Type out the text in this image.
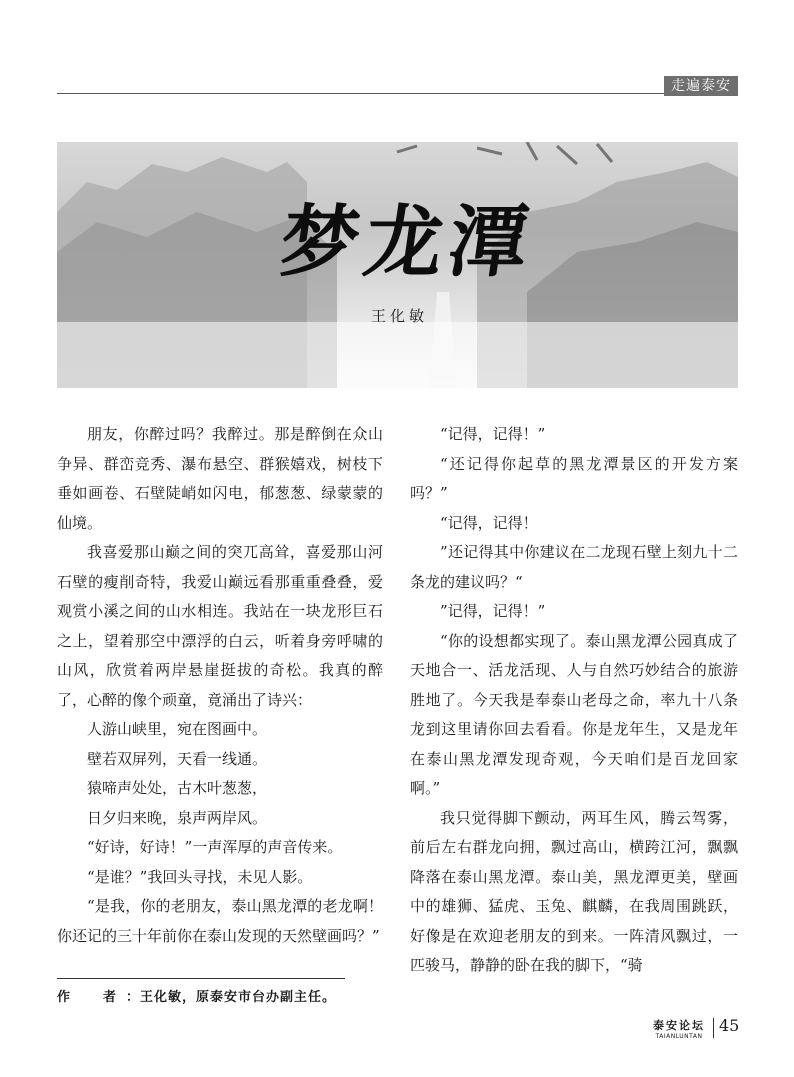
走遍泰安
梦龙潭
王化敏

朋友，你醉过吗？我醉过。那是醉倒在众山争异、群峦竞秀、瀑布悬空、群猴嬉戏，树枝下垂如画卷、石壁陡峭如闪电，郁葱葱、绿蒙蒙的仙境。

我喜爱那山巅之间的突兀高耸，喜爱那山河石壁的瘦削奇特，我爱山巅远看那重重叠叠，爱观赏小溪之间的山水相连。我站在一块龙形巨石之上，望着那空中漂浮的白云，听着身旁呼啸的山风，欣赏着两岸悬崖挺拔的奇松。我真的醉了，心醉的像个顽童，竟涌出了诗兴：

人游山峡里，宛在图画中。

壁若双屏列，天看一线通。

猿啼声处处，古木叶葱葱，

日夕归来晚，泉声两岸风。

“好诗，好诗！”一声浑厚的声音传来。

“是谁？”我回头寻找，未见人影。

“是我，你的老朋友，泰山黑龙潭的老龙啊！你还记的三十年前你在泰山发现的天然壁画吗？”

“记得，记得！”

“还记得你起草的黑龙潭景区的开发方案吗？”

“记得，记得！

”还记得其中你建议在二龙现石壁上刻九十二条龙的建议吗？“

”记得，记得！”

“你的设想都实现了。泰山黑龙潭公园真成了天地合一、活龙活现、人与自然巧妙结合的旅游胜地了。今天我是奉泰山老母之命，率九十八条龙到这里请你回去看看。你是龙年生，又是龙年在泰山黑龙潭发现奇观，今天咱们是百龙回家啊。”

我只觉得脚下颤动，两耳生风，腾云驾雾，前后左右群龙向拥，飘过高山，横跨江河，飘飘降落在泰山黑龙潭。泰山美，黑龙潭更美，壁画中的雄狮、猛虎、玉兔、麒麟，在我周围跳跃，好像是在欢迎老朋友的到来。一阵清风飘过，一匹骏马，静静的卧在我的脚下，“骑

作　者：王化敏，原泰安市台办副主任。
泰安论坛
TAIANLUNTAN
45
